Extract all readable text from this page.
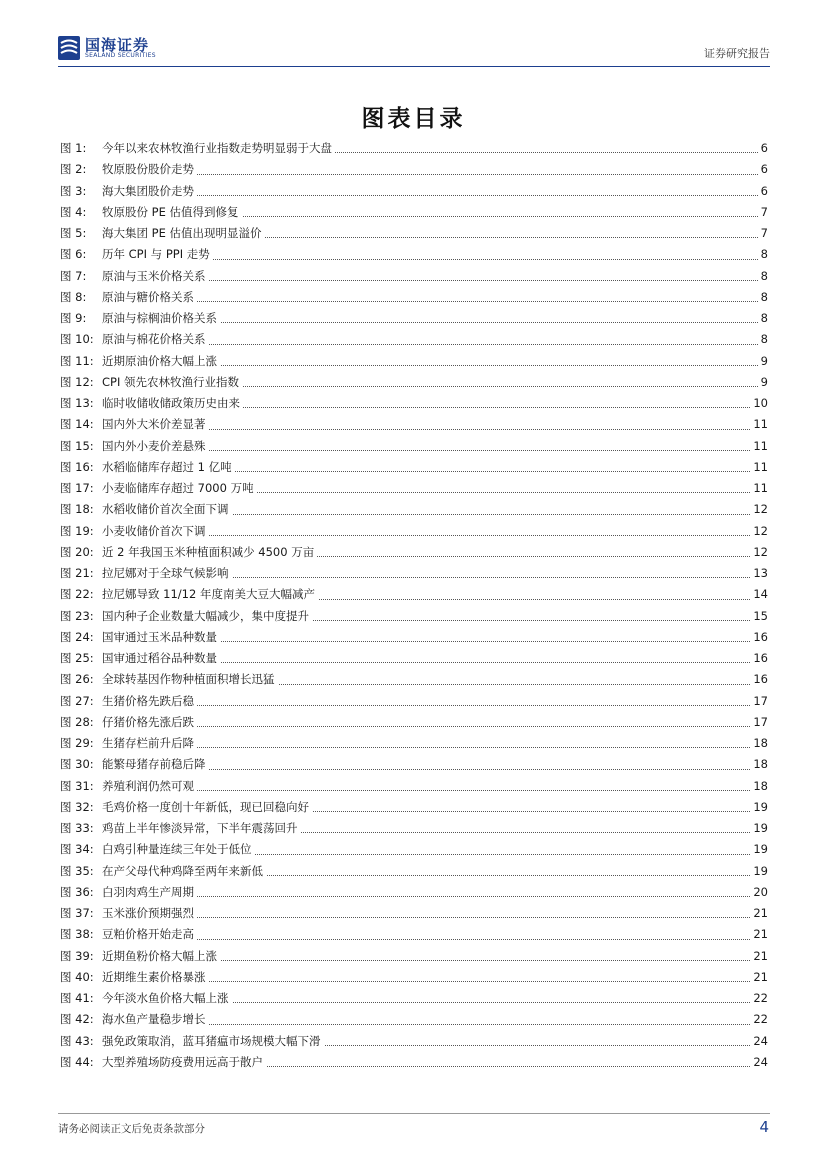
国海证券
SEALAND SECURITIES	证券研究报告
图表目录
图 1: 今年以来农林牧渔行业指数走势明显弱于大盘	6
图 2: 牧原股份股价走势	6
图 3: 海大集团股价走势	6
图 4: 牧原股份 PE 估值得到修复	7
图 5: 海大集团 PE 估值出现明显溢价	7
图 6: 历年 CPI 与 PPI 走势	8
图 7: 原油与玉米价格关系	8
图 8: 原油与糖价格关系	8
图 9: 原油与棕榈油价格关系	8
图 10: 原油与棉花价格关系	8
图 11: 近期原油价格大幅上涨	9
图 12: CPI 领先农林牧渔行业指数	9
图 13: 临时收储收储政策历史由来	10
图 14: 国内外大米价差显著	11
图 15: 国内外小麦价差悬殊	11
图 16: 水稻临储库存超过 1 亿吨	11
图 17: 小麦临储库存超过 7000 万吨	11
图 18: 水稻收储价首次全面下调	12
图 19: 小麦收储价首次下调	12
图 20: 近 2 年我国玉米种植面积减少 4500 万亩	12
图 21: 拉尼娜对于全球气候影响	13
图 22: 拉尼娜导致 11/12 年度南美大豆大幅减产	14
图 23: 国内种子企业数量大幅减少，集中度提升	15
图 24: 国审通过玉米品种数量	16
图 25: 国审通过稻谷品种数量	16
图 26: 全球转基因作物种植面积增长迅猛	16
图 27: 生猪价格先跌后稳	17
图 28: 仔猪价格先涨后跌	17
图 29: 生猪存栏前升后降	18
图 30: 能繁母猪存前稳后降	18
图 31: 养殖利润仍然可观	18
图 32: 毛鸡价格一度创十年新低，现已回稳向好	19
图 33: 鸡苗上半年惨淡异常，下半年震荡回升	19
图 34: 白鸡引种量连续三年处于低位	19
图 35: 在产父母代种鸡降至两年来新低	19
图 36: 白羽肉鸡生产周期	20
图 37: 玉米涨价预期强烈	21
图 38: 豆粕价格开始走高	21
图 39: 近期鱼粉价格大幅上涨	21
图 40: 近期维生素价格暴涨	21
图 41: 今年淡水鱼价格大幅上涨	22
图 42: 海水鱼产量稳步增长	22
图 43: 强免政策取消，蓝耳猪瘟市场规模大幅下滑	24
图 44: 大型养殖场防疫费用远高于散户	24
请务必阅读正文后免责条款部分	4
